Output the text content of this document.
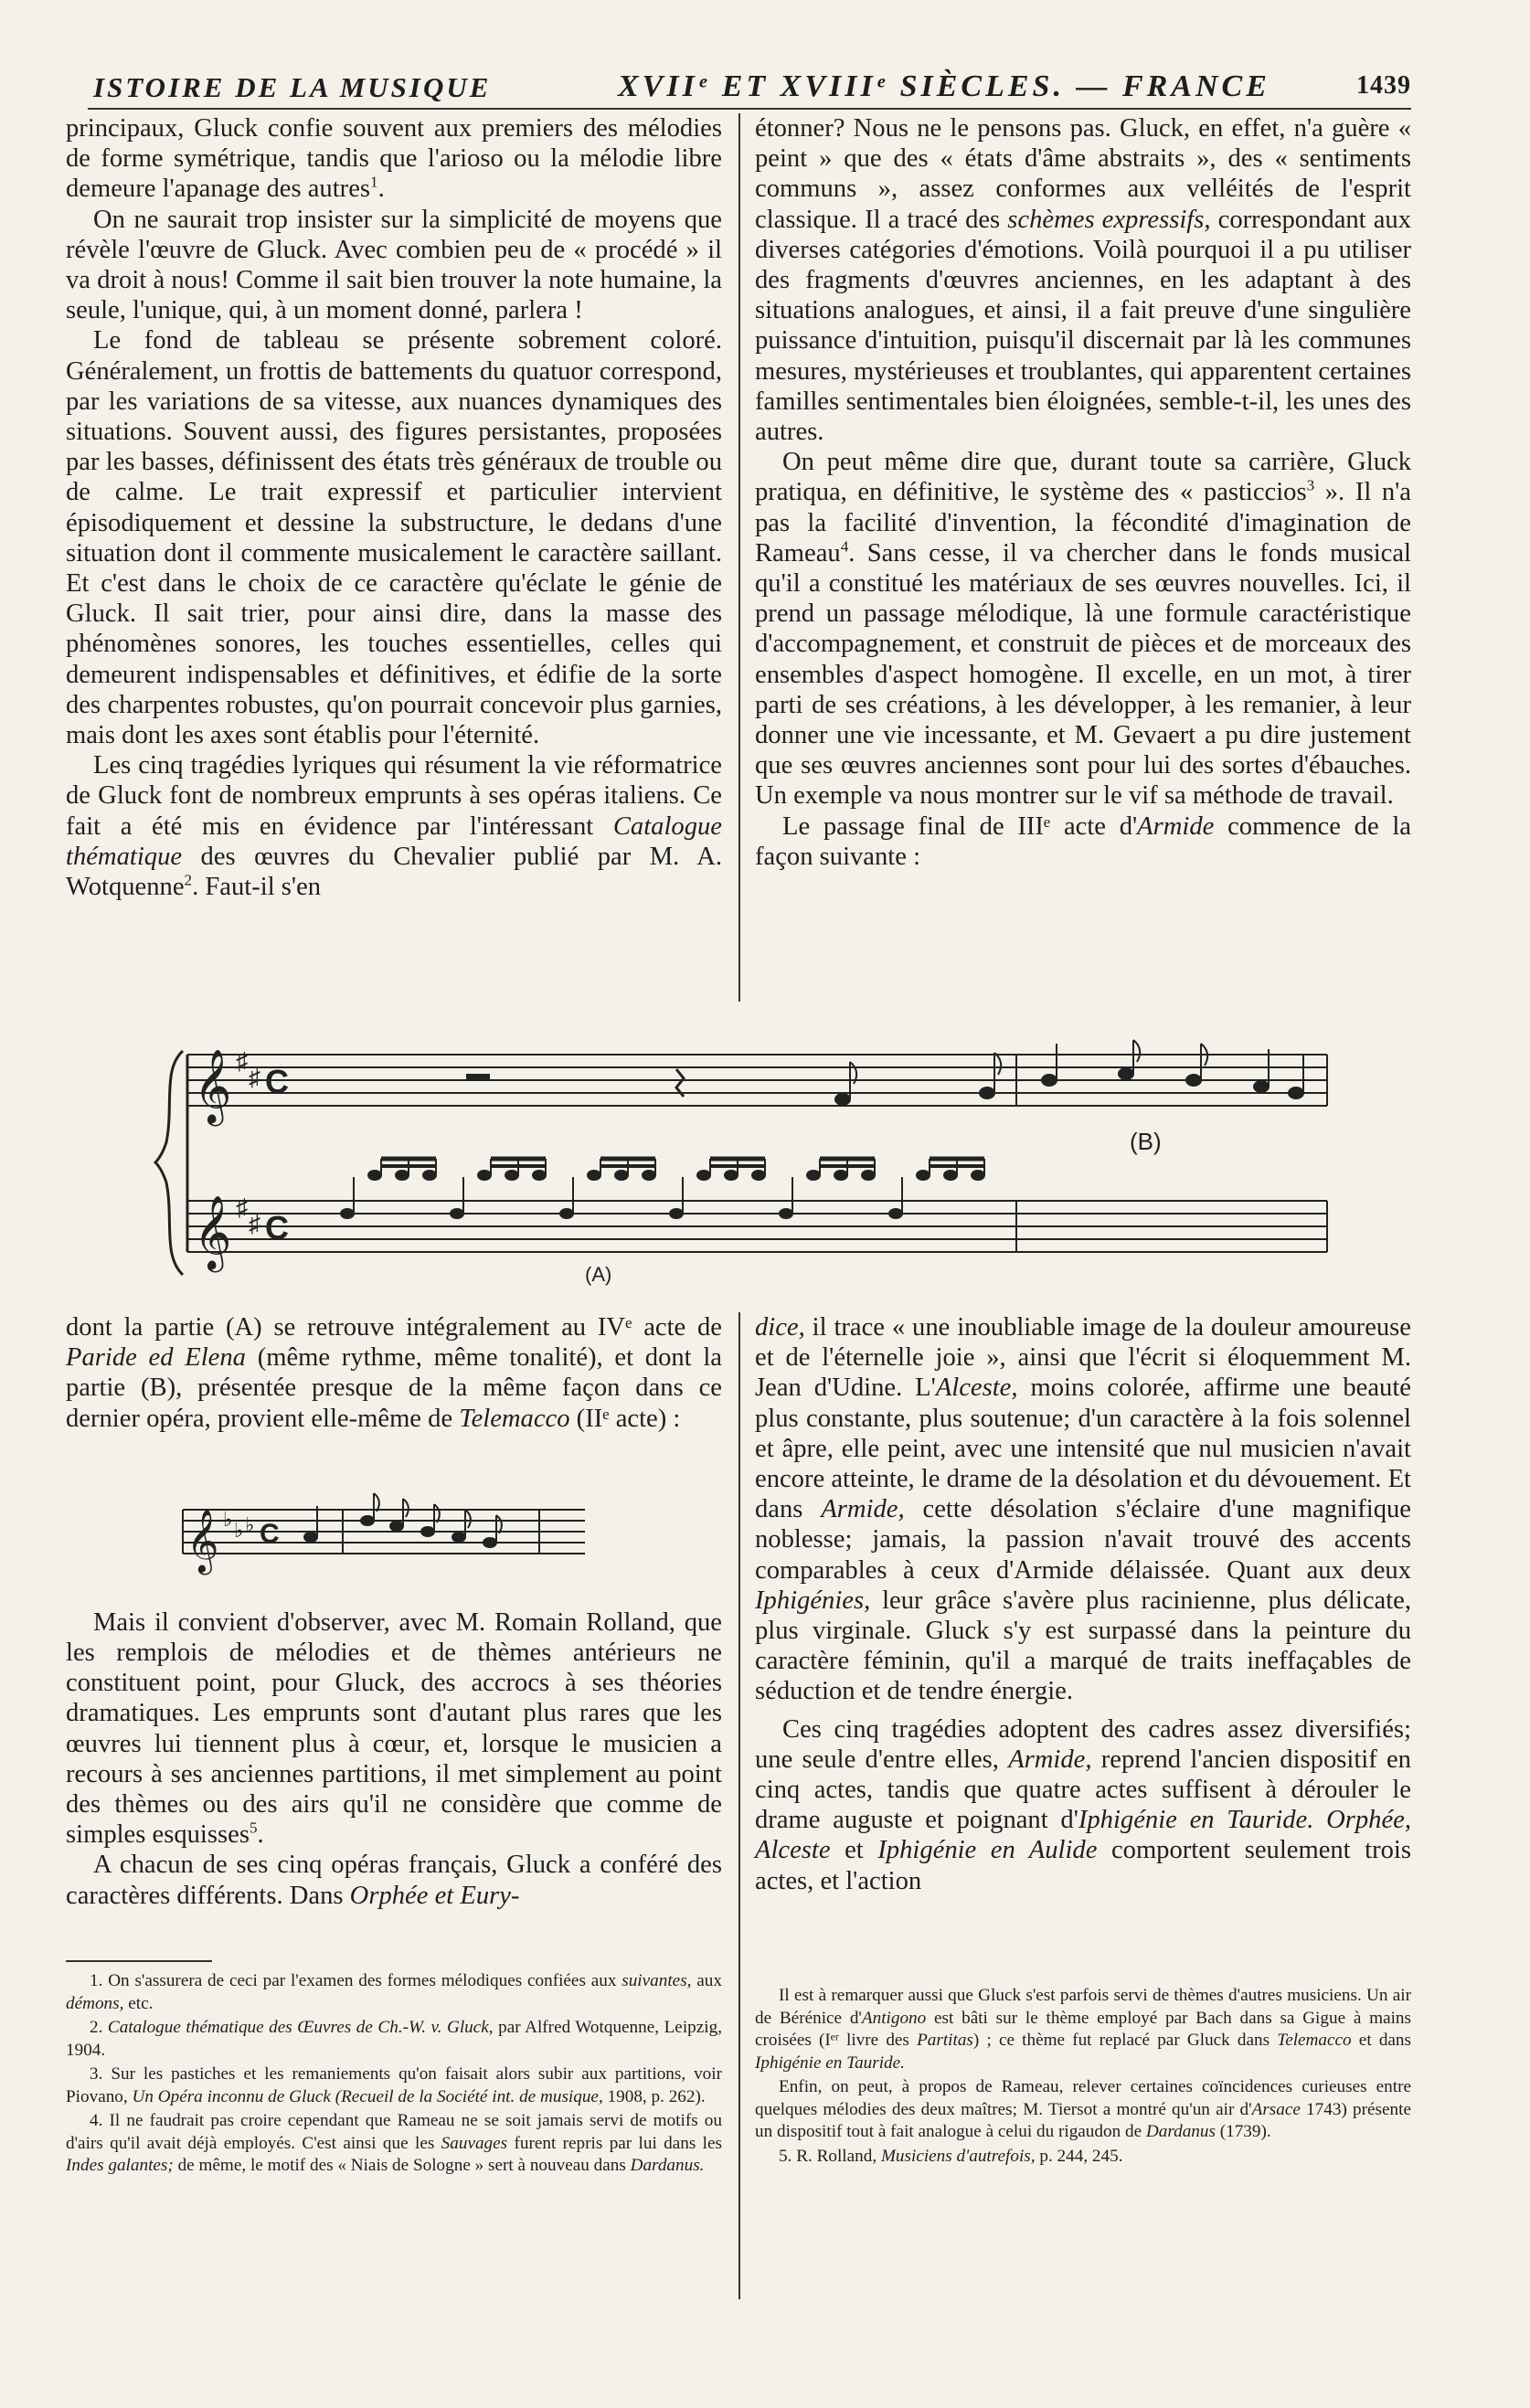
ISTOIRE DE LA MUSIQUE	XVIIᵉ ET XVIIIᵉ SIÈCLES. — FRANCE	1439

principaux, Gluck confie souvent aux premiers des mélodies de forme symétrique, tandis que l'arioso ou la mélodie libre demeure l'apanage des autres$^1$.

On ne saurait trop insister sur la simplicité de moyens que révèle l'œuvre de Gluck. Avec combien peu de « procédé » il va droit à nous! Comme il sait bien trouver la note humaine, la seule, l'unique, qui, à un moment donné, parlera !

Le fond de tableau se présente sobrement coloré. Généralement, un frottis de battements du quatuor correspond, par les variations de sa vitesse, aux nuances dynamiques des situations. Souvent aussi, des figures persistantes, proposées par les basses, définissent des états très généraux de trouble ou de calme. Le trait expressif et particulier intervient épisodiquement et dessine la substructure, le dedans d'une situation dont il commente musicalement le caractère saillant. Et c'est dans le choix de ce caractère qu'éclate le génie de Gluck. Il sait trier, pour ainsi dire, dans la masse des phénomènes sonores, les touches essentielles, celles qui demeurent indispensables et définitives, et édifie de la sorte des charpentes robustes, qu'on pourrait concevoir plus garnies, mais dont les axes sont établis pour l'éternité.

Les cinq tragédies lyriques qui résument la vie réformatrice de Gluck font de nombreux emprunts à ses opéras italiens. Ce fait a été mis en évidence par l'intéressant Catalogue thématique des œuvres du Chevalier publié par M. A. Wotquenne$^2$. Faut-il s'en

étonner? Nous ne le pensons pas. Gluck, en effet, n'a guère « peint » que des « états d'âme abstraits », des « sentiments communs », assez conformes aux velléités de l'esprit classique. Il a tracé des schèmes expressifs, correspondant aux diverses catégories d'émotions. Voilà pourquoi il a pu utiliser des fragments d'œuvres anciennes, en les adaptant à des situations analogues, et ainsi, il a fait preuve d'une singulière puissance d'intuition, puisqu'il discernait par là les communes mesures, mystérieuses et troublantes, qui apparentent certaines familles sentimentales bien éloignées, semble-t-il, les unes des autres.

On peut même dire que, durant toute sa carrière, Gluck pratiqua, en définitive, le système des « pasticcios$^3$ ». Il n'a pas la facilité d'invention, la fécondité d'imagination de Rameau$^4$. Sans cesse, il va chercher dans le fonds musical qu'il a constitué les matériaux de ses œuvres nouvelles. Ici, il prend un passage mélodique, là une formule caractéristique d'accompagnement, et construit de pièces et de morceaux des ensembles d'aspect homogène. Il excelle, en un mot, à tirer parti de ses créations, à les développer, à les remanier, à leur donner une vie incessante, et M. Gevaert a pu dire justement que ses œuvres anciennes sont pour lui des sortes d'ébauches. Un exemple va nous montrer sur le vif sa méthode de travail.

Le passage final de IIIᵉ acte d'Armide commence de la façon suivante :

𝄞
𝄞
♯
♯
♯
♯
C
C
(A)
(B)

dont la partie (A) se retrouve intégralement au IVᵉ acte de Paride ed Elena (même rythme, même tonalité), et dont la partie (B), présentée presque de la même façon dans ce dernier opéra, provient elle-même de Telemacco (IIᵉ acte) :

Mais il convient d'observer, avec M. Romain Rolland, que les remplois de mélodies et de thèmes antérieurs ne constituent point, pour Gluck, des accrocs à ses théories dramatiques. Les emprunts sont d'autant plus rares que les œuvres lui tiennent plus à cœur, et, lorsque le musicien a recours à ses anciennes partitions, il met simplement au point des thèmes ou des airs qu'il ne considère que comme de simples esquisses$^5$.

A chacun de ses cinq opéras français, Gluck a conféré des caractères différents. Dans Orphée et Eury-

𝄞 ♭ ♭ ♭ C

dice, il trace « une inoubliable image de la douleur amoureuse et de l'éternelle joie », ainsi que l'écrit si éloquemment M. Jean d'Udine. L'Alceste, moins colorée, affirme une beauté plus constante, plus soutenue; d'un caractère à la fois solennel et âpre, elle peint, avec une intensité que nul musicien n'avait encore atteinte, le drame de la désolation et du dévouement. Et dans Armide, cette désolation s'éclaire d'une magnifique noblesse; jamais, la passion n'avait trouvé des accents comparables à ceux d'Armide délaissée. Quant aux deux Iphigénies, leur grâce s'avère plus racinienne, plus délicate, plus virginale. Gluck s'y est surpassé dans la peinture du caractère féminin, qu'il a marqué de traits ineffaçables de séduction et de tendre énergie.

Ces cinq tragédies adoptent des cadres assez diversifiés; une seule d'entre elles, Armide, reprend l'ancien dispositif en cinq actes, tandis que quatre actes suffisent à dérouler le drame auguste et poignant d'Iphigénie en Tauride. Orphée, Alceste et Iphigénie en Aulide comportent seulement trois actes, et l'action

1. On s'assurera de ceci par l'examen des formes mélodiques confiées aux suivantes, aux démons, etc.

2. Catalogue thématique des Œuvres de Ch.-W. v. Gluck, par Alfred Wotquenne, Leipzig, 1904.

3. Sur les pastiches et les remaniements qu'on faisait alors subir aux partitions, voir Piovano, Un Opéra inconnu de Gluck (Recueil de la Société int. de musique, 1908, p. 262).

4. Il ne faudrait pas croire cependant que Rameau ne se soit jamais servi de motifs ou d'airs qu'il avait déjà employés. C'est ainsi que les Sauvages furent repris par lui dans les Indes galantes; de même, le motif des « Niais de Sologne » sert à nouveau dans Dardanus.

Il est à remarquer aussi que Gluck s'est parfois servi de thèmes d'autres musiciens. Un air de Bérénice d'Antigono est bâti sur le thème employé par Bach dans sa Gigue à mains croisées (Iᵉʳ livre des Partitas) ; ce thème fut replacé par Gluck dans Telemacco et dans Iphigénie en Tauride.

Enfin, on peut, à propos de Rameau, relever certaines coïncidences curieuses entre quelques mélodies des deux maîtres; M. Tiersot a montré qu'un air d'Arsace 1743) présente un dispositif tout à fait analogue à celui du rigaudon de Dardanus (1739).

5. R. Rolland, Musiciens d'autrefois, p. 244, 245.
